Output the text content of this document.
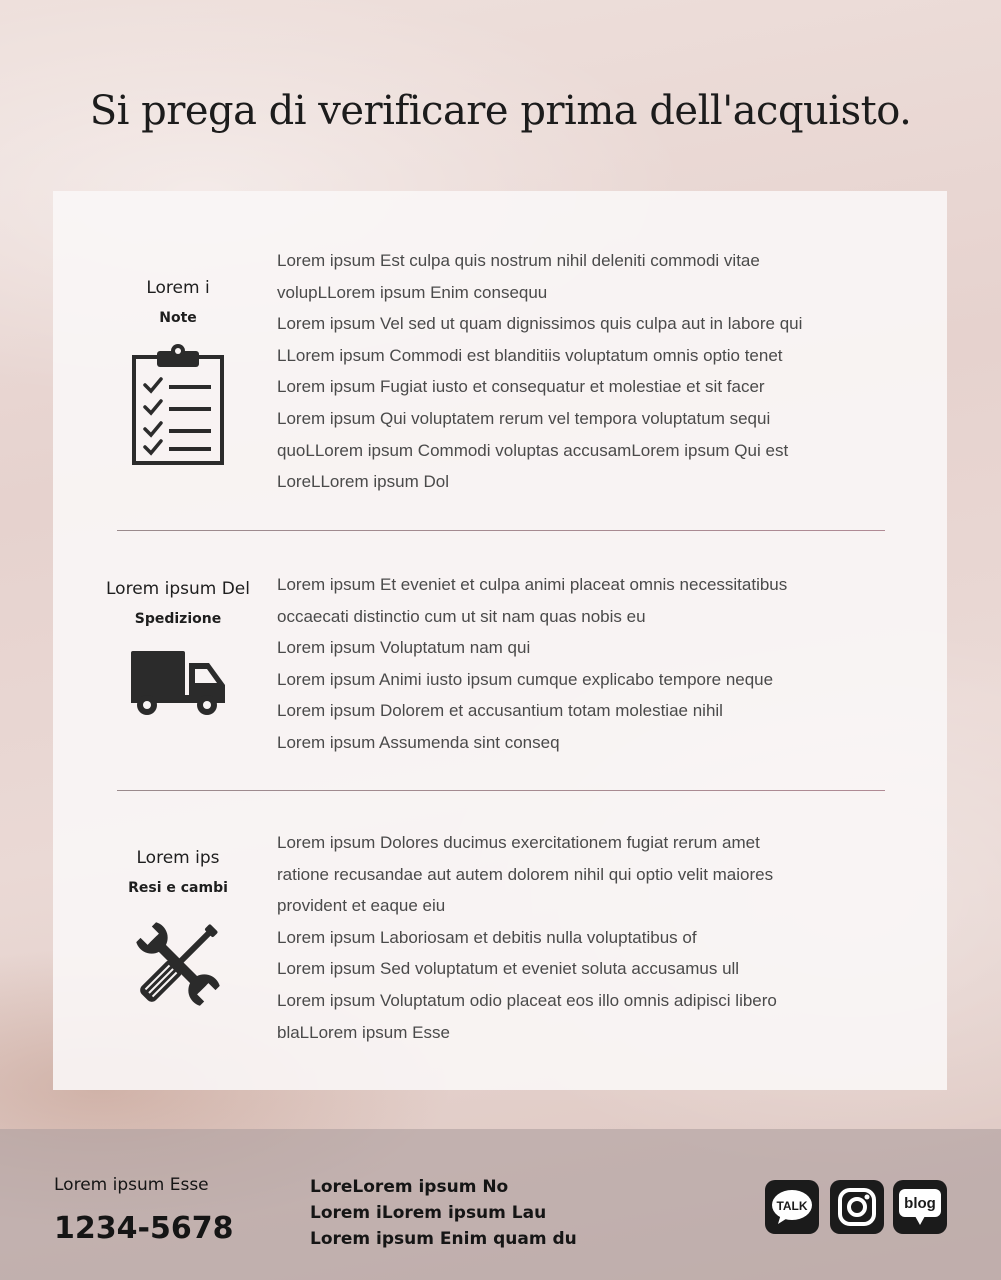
Si prega di verificare prima dell'acquisto.
Lorem i
Note
Lorem ipsum Est culpa quis nostrum nihil deleniti commodi vitae
volupLLorem ipsum Enim consequu
Lorem ipsum Vel sed ut quam dignissimos quis culpa aut in labore qui
LLorem ipsum Commodi est blanditiis voluptatum omnis optio tenet
Lorem ipsum Fugiat iusto et consequatur et molestiae et sit facer
Lorem ipsum Qui voluptatem rerum vel tempora voluptatum sequi
quoLLorem ipsum Commodi voluptas accusamLorem ipsum Qui est
LoreLLorem ipsum Dol
Lorem ipsum Del
Spedizione
Lorem ipsum Et eveniet et culpa animi placeat omnis necessitatibus
occaecati distinctio cum ut sit nam quas nobis eu
Lorem ipsum Voluptatum nam qui
Lorem ipsum Animi iusto ipsum cumque explicabo tempore neque
Lorem ipsum Dolorem et accusantium totam molestiae nihil
Lorem ipsum Assumenda sint conseq
Lorem ips
Resi e cambi
Lorem ipsum Dolores ducimus exercitationem fugiat rerum amet
ratione recusandae aut autem dolorem nihil qui optio velit maiores
provident et eaque eiu
Lorem ipsum Laboriosam et debitis nulla voluptatibus of
Lorem ipsum Sed voluptatum et eveniet soluta accusamus ull
Lorem ipsum Voluptatum odio placeat eos illo omnis adipisci libero
blaLLorem ipsum Esse
Lorem ipsum Esse
1234-5678
LoreLorem ipsum No
Lorem iLorem ipsum Lau
Lorem ipsum Enim quam du
TALK	blog
